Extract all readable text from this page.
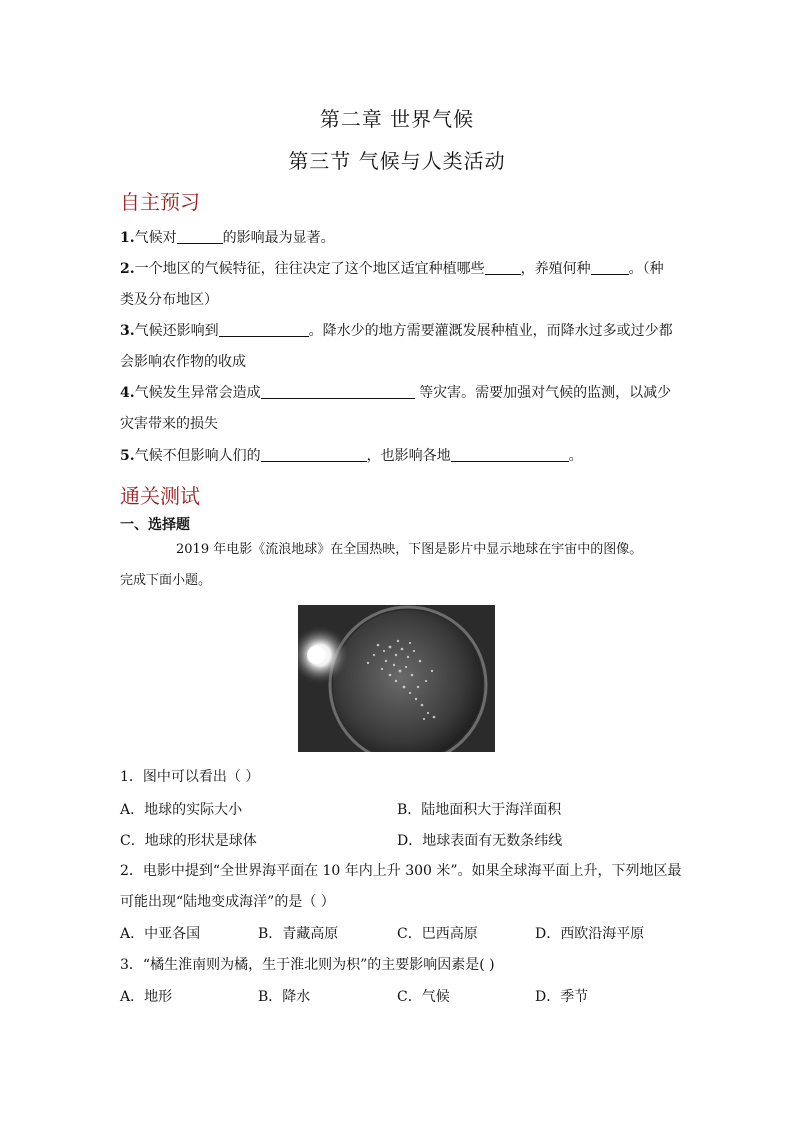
第二章 世界气候
第三节 气候与人类活动
自主预习
1.气候对	的影响最为显著。
2.一个地区的气候特征，往往决定了这个地区适宜种植哪些	，养殖何种	。（种
类及分布地区）
3.气候还影响到	。降水少的地方需要灌溉发展种植业，而降水过多或过少都
会影响农作物的收成
4.气候发生异常会造成	等灾害。需要加强对气候的监测，以减少
灾害带来的损失
5.气候不但影响人们的	，也影响各地	。
通关测试
一、选择题
2019 年电影《流浪地球》在全国热映，下图是影片中显示地球在宇宙中的图像。
完成下面小题。
1．图中可以看出（ ）
A．地球的实际大小	B．陆地面积大于海洋面积
C．地球的形状是球体	D．地球表面有无数条纬线
2．电影中提到“全世界海平面在 10 年内上升 300 米”。如果全球海平面上升，下列地区最
可能出现“陆地变成海洋”的是（ ）
A．中亚各国	B．青藏高原	C．巴西高原	D．西欧沿海平原
3．“橘生淮南则为橘，生于淮北则为枳”的主要影响因素是( )
A．地形	B．降水	C．气候	D．季节
